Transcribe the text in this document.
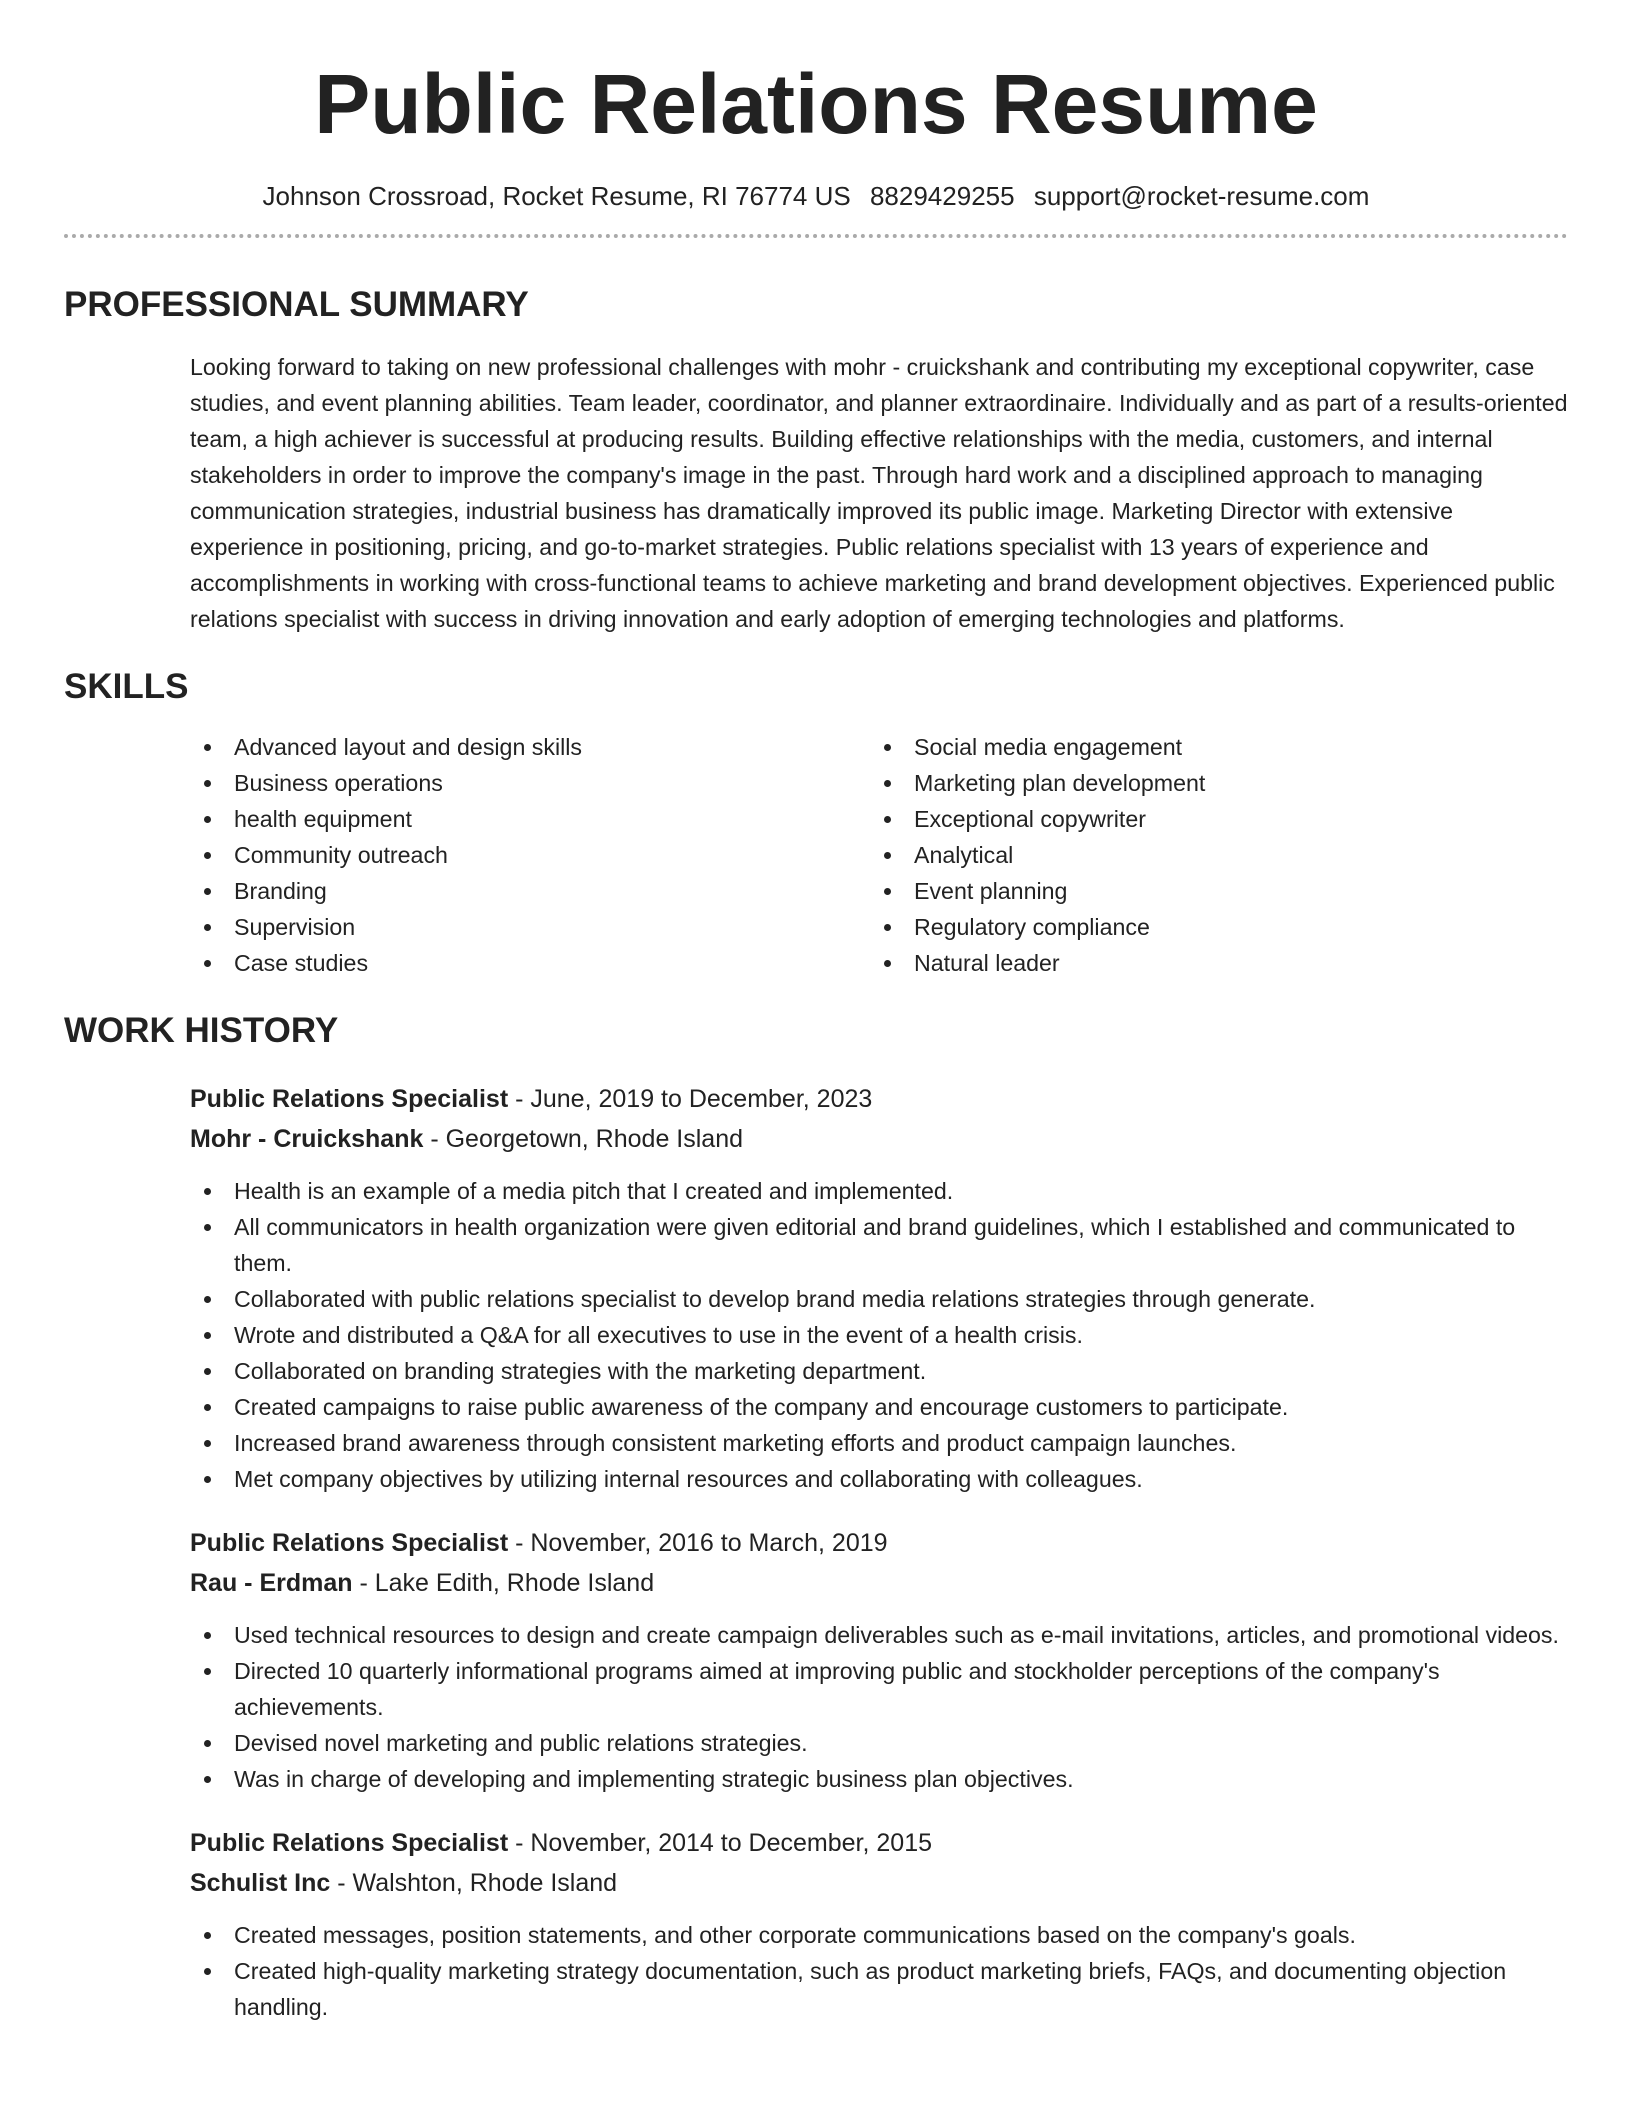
Public Relations Resume
Johnson Crossroad, Rocket Resume, RI 76774 US 8829429255 support@rocket-resume.com
PROFESSIONAL SUMMARY

Looking forward to taking on new professional challenges with mohr - cruickshank and contributing my exceptional copywriter, case studies, and event planning abilities. Team leader, coordinator, and planner extraordinaire. Individually and as part of a results-oriented team, a high achiever is successful at producing results. Building effective relationships with the media, customers, and internal stakeholders in order to improve the company's image in the past. Through hard work and a disciplined approach to managing communication strategies, industrial business has dramatically improved its public image. Marketing Director with extensive experience in positioning, pricing, and go-to-market strategies. Public relations specialist with 13 years of experience and accomplishments in working with cross-functional teams to achieve marketing and brand development objectives. Experienced public relations specialist with success in driving innovation and early adoption of emerging technologies and platforms.

SKILLS
Advanced layout and design skills
Business operations
health equipment
Community outreach
Branding
Supervision
Case studies
Social media engagement
Marketing plan development
Exceptional copywriter
Analytical
Event planning
Regulatory compliance
Natural leader
WORK HISTORY
Public Relations Specialist - June, 2019 to December, 2023
Mohr - Cruickshank - Georgetown, Rhode Island
Health is an example of a media pitch that I created and implemented.
All communicators in health organization were given editorial and brand guidelines, which I established and communicated to them.
Collaborated with public relations specialist to develop brand media relations strategies through generate.
Wrote and distributed a Q&A for all executives to use in the event of a health crisis.
Collaborated on branding strategies with the marketing department.
Created campaigns to raise public awareness of the company and encourage customers to participate.
Increased brand awareness through consistent marketing efforts and product campaign launches.
Met company objectives by utilizing internal resources and collaborating with colleagues.
Public Relations Specialist - November, 2016 to March, 2019
Rau - Erdman - Lake Edith, Rhode Island
Used technical resources to design and create campaign deliverables such as e-mail invitations, articles, and promotional videos.
Directed 10 quarterly informational programs aimed at improving public and stockholder perceptions of the company's achievements.
Devised novel marketing and public relations strategies.
Was in charge of developing and implementing strategic business plan objectives.
Public Relations Specialist - November, 2014 to December, 2015
Schulist Inc - Walshton, Rhode Island
Created messages, position statements, and other corporate communications based on the company's goals.
Created high-quality marketing strategy documentation, such as product marketing briefs, FAQs, and documenting objection handling.
